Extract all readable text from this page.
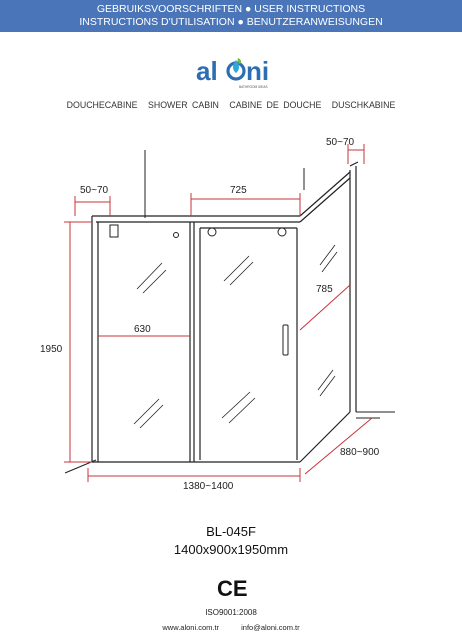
GEBRUIKSVOORSCHRIFTEN ● USER INSTRUCTIONS
INSTRUCTIONS D'UTILISATION ● BENUTZERANWEISUNGEN
al ni
BATHROOM IDEAS
DOUCHECABINE SHOWER CABIN CABINE DE DOUCHE DUSCHKABINE
50~70	725
50~70
785
1950
630
1380~1400
880~900
BL-045F
1400x900x1950mm
CE
ISO9001:2008
www.aloni.com.tr	info@aloni.com.tr
